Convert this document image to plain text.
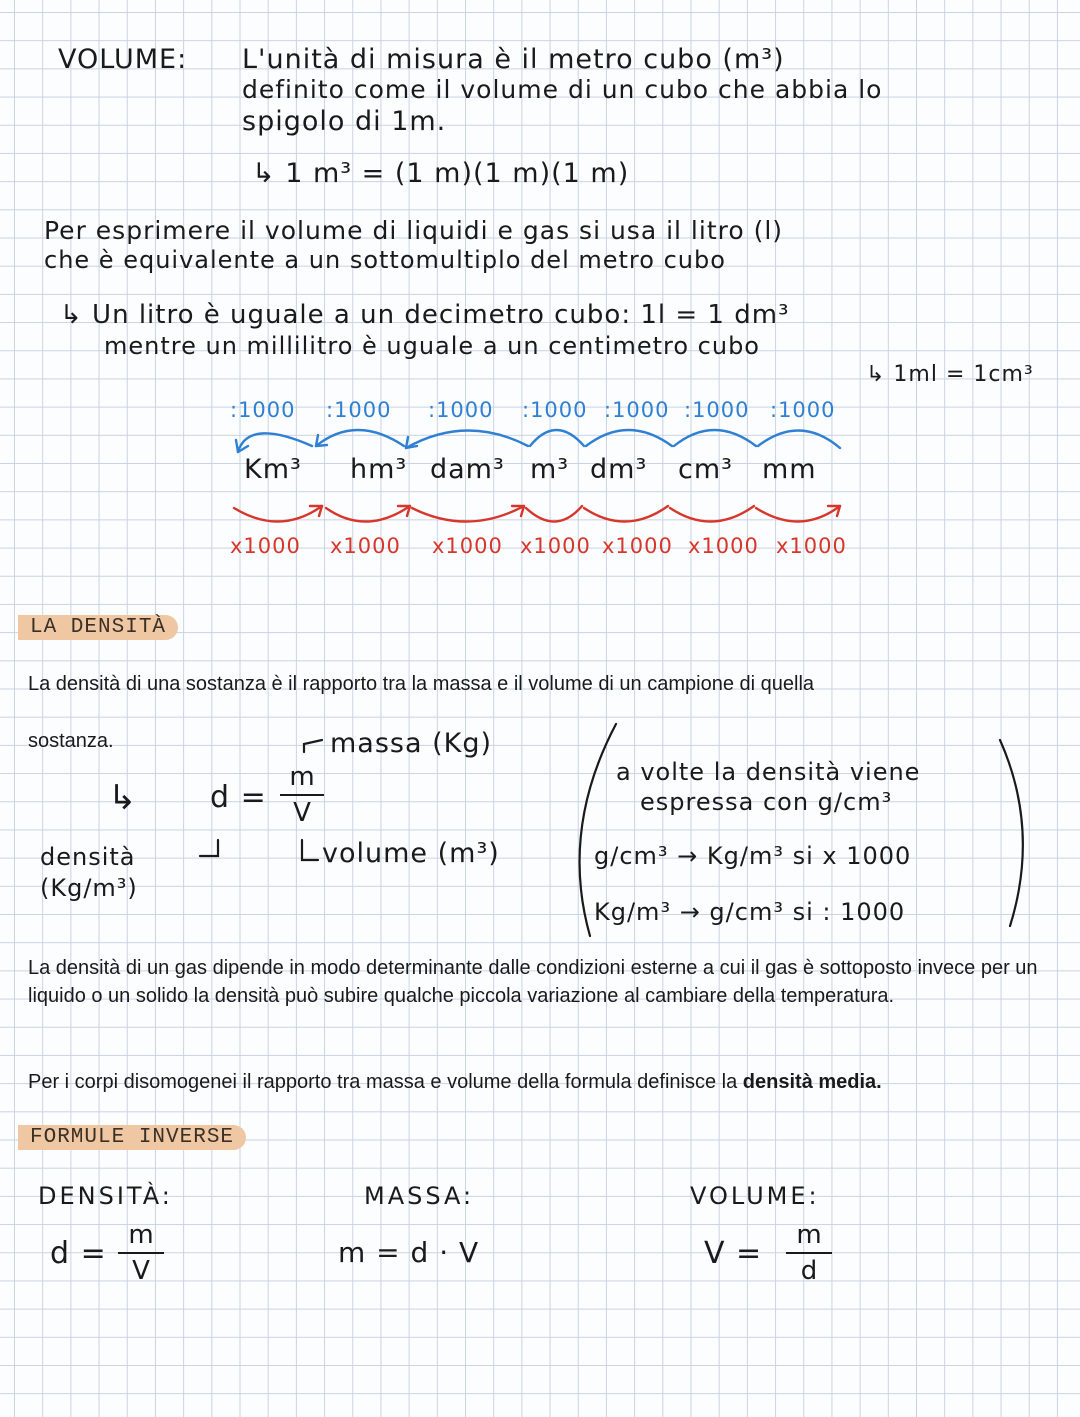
VOLUME: L'unità di misura è il metro cubo (m³)
definito come il volume di un cubo che abbia lo
spigolo di 1m.
↳ 1 m³ = (1 m)(1 m)(1 m)
Per esprimere il volume di liquidi e gas si usa il litro (l)
che è equivalente a un sottomultiplo del metro cubo
↳ Un litro è uguale a un decimetro cubo: 1l = 1 dm³
mentre un millilitro è uguale a un centimetro cubo
↳ 1ml = 1cm³
:1000 :1000 :1000 :1000 :1000 :1000 :1000
Km³ hm³ dam³ m³ dm³ cm³ mm
x1000 x1000 x1000 x1000 x1000 x1000 x1000
LA DENSITÀ
La densità di una sostanza è il rapporto tra la massa e il volume di un campione di quella
sostanza.
↳ d =
m
V
massa (Kg)
volume (m³)
densità
(Kg/m³)
a volte la densità viene
espressa con g/cm³
g/cm³ → Kg/m³ si x 1000
Kg/m³ → g/cm³ si : 1000
La densità di un gas dipende in modo determinante dalle condizioni esterne a cui il gas è sottoposto invece per un liquido o un solido la densità può subire qualche piccola variazione al cambiare della temperatura.
Per i corpi disomogenei il rapporto tra massa e volume della formula definisce la densità media.
FORMULE INVERSE
DENSITÀ:
d =
m
V
MASSA:
m = d · V
VOLUME:
V =
m
d
